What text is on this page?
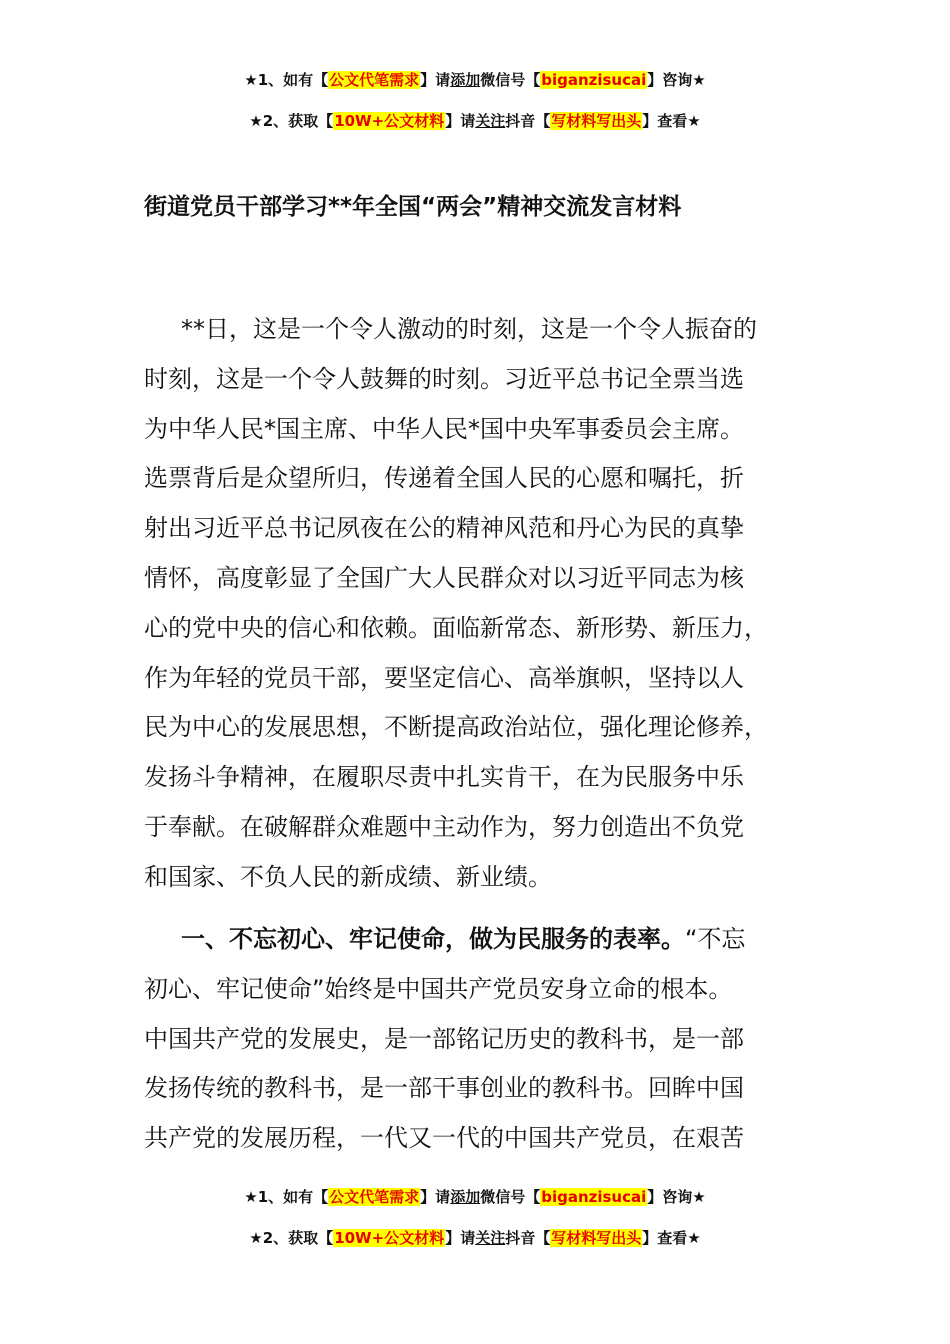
★1、如有【公文代笔需求】请添加微信号【biganzisucai】咨询★
★2、获取【10W+公文材料】请关注抖音【写材料写出头】查看★
街道党员干部学习**年全国“两会”精神交流发言材料
**日，这是一个令人激动的时刻，这是一个令人振奋的
时刻，这是一个令人鼓舞的时刻。习近平总书记全票当选
为中华人民*国主席、中华人民*国中央军事委员会主席。
选票背后是众望所归，传递着全国人民的心愿和嘱托，折
射出习近平总书记夙夜在公的精神风范和丹心为民的真挚
情怀，高度彰显了全国广大人民群众对以习近平同志为核
心的党中央的信心和依赖。面临新常态、新形势、新压力，
作为年轻的党员干部，要坚定信心、高举旗帜，坚持以人
民为中心的发展思想，不断提高政治站位，强化理论修养，
发扬斗争精神，在履职尽责中扎实肯干，在为民服务中乐
于奉献。在破解群众难题中主动作为，努力创造出不负党
和国家、不负人民的新成绩、新业绩。
一、不忘初心、牢记使命，做为民服务的表率。“不忘
初心、牢记使命”始终是中国共产党员安身立命的根本。
中国共产党的发展史，是一部铭记历史的教科书，是一部
发扬传统的教科书，是一部干事创业的教科书。回眸中国
共产党的发展历程，一代又一代的中国共产党员，在艰苦
★1、如有【公文代笔需求】请添加微信号【biganzisucai】咨询★
★2、获取【10W+公文材料】请关注抖音【写材料写出头】查看★
